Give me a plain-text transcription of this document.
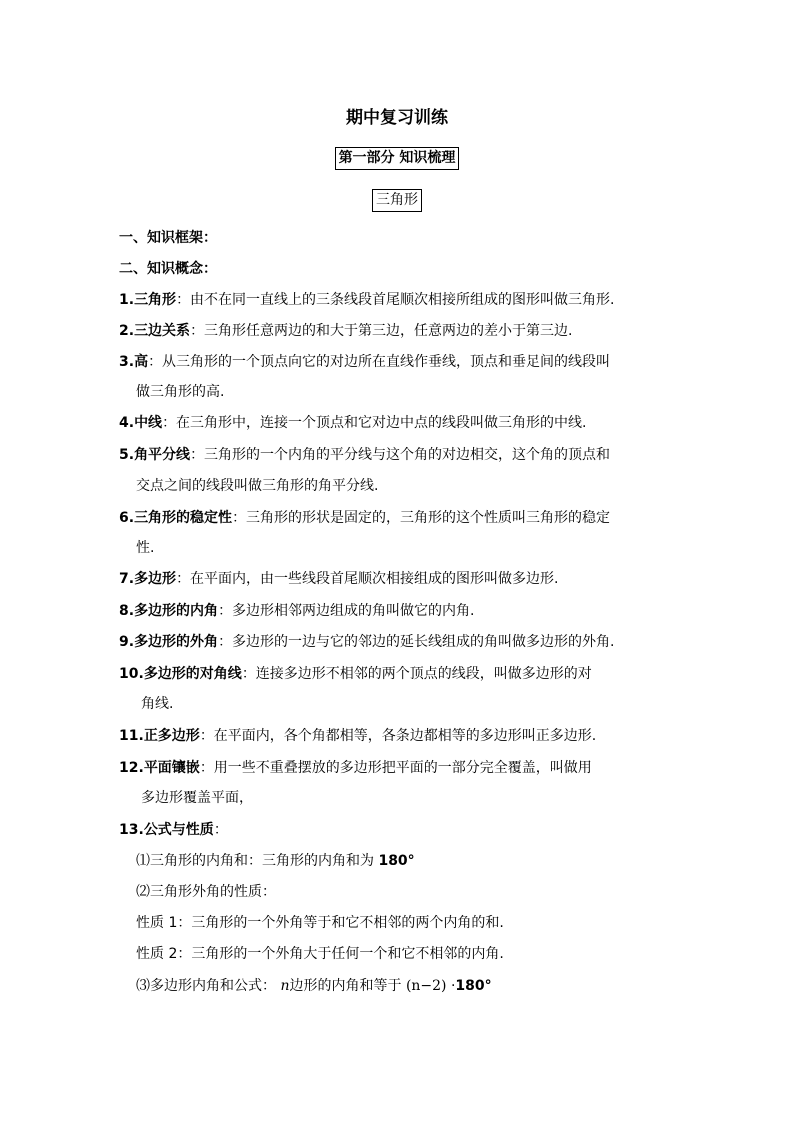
期中复习训练
第一部分 知识梳理
三角形
一、知识框架：
二、知识概念：
1.三角形：由不在同一直线上的三条线段首尾顺次相接所组成的图形叫做三角形.
2.三边关系：三角形任意两边的和大于第三边，任意两边的差小于第三边.
3.高：从三角形的一个顶点向它的对边所在直线作垂线，顶点和垂足间的线段叫
做三角形的高.
4.中线：在三角形中，连接一个顶点和它对边中点的线段叫做三角形的中线.
5.角平分线：三角形的一个内角的平分线与这个角的对边相交，这个角的顶点和
交点之间的线段叫做三角形的角平分线.
6.三角形的稳定性：三角形的形状是固定的，三角形的这个性质叫三角形的稳定
性.
7.多边形：在平面内，由一些线段首尾顺次相接组成的图形叫做多边形.
8.多边形的内角：多边形相邻两边组成的角叫做它的内角.
9.多边形的外角：多边形的一边与它的邻边的延长线组成的角叫做多边形的外角.
10.多边形的对角线：连接多边形不相邻的两个顶点的线段，叫做多边形的对
角线.
11.正多边形：在平面内，各个角都相等，各条边都相等的多边形叫正多边形.
12.平面镶嵌：用一些不重叠摆放的多边形把平面的一部分完全覆盖，叫做用
多边形覆盖平面，
13.公式与性质：
⑴三角形的内角和：三角形的内角和为 180°
⑵三角形外角的性质：
性质 1：三角形的一个外角等于和它不相邻的两个内角的和.
性质 2：三角形的一个外角大于任何一个和它不相邻的内角.
⑶多边形内角和公式： n边形的内角和等于 (n−2) ·180°
